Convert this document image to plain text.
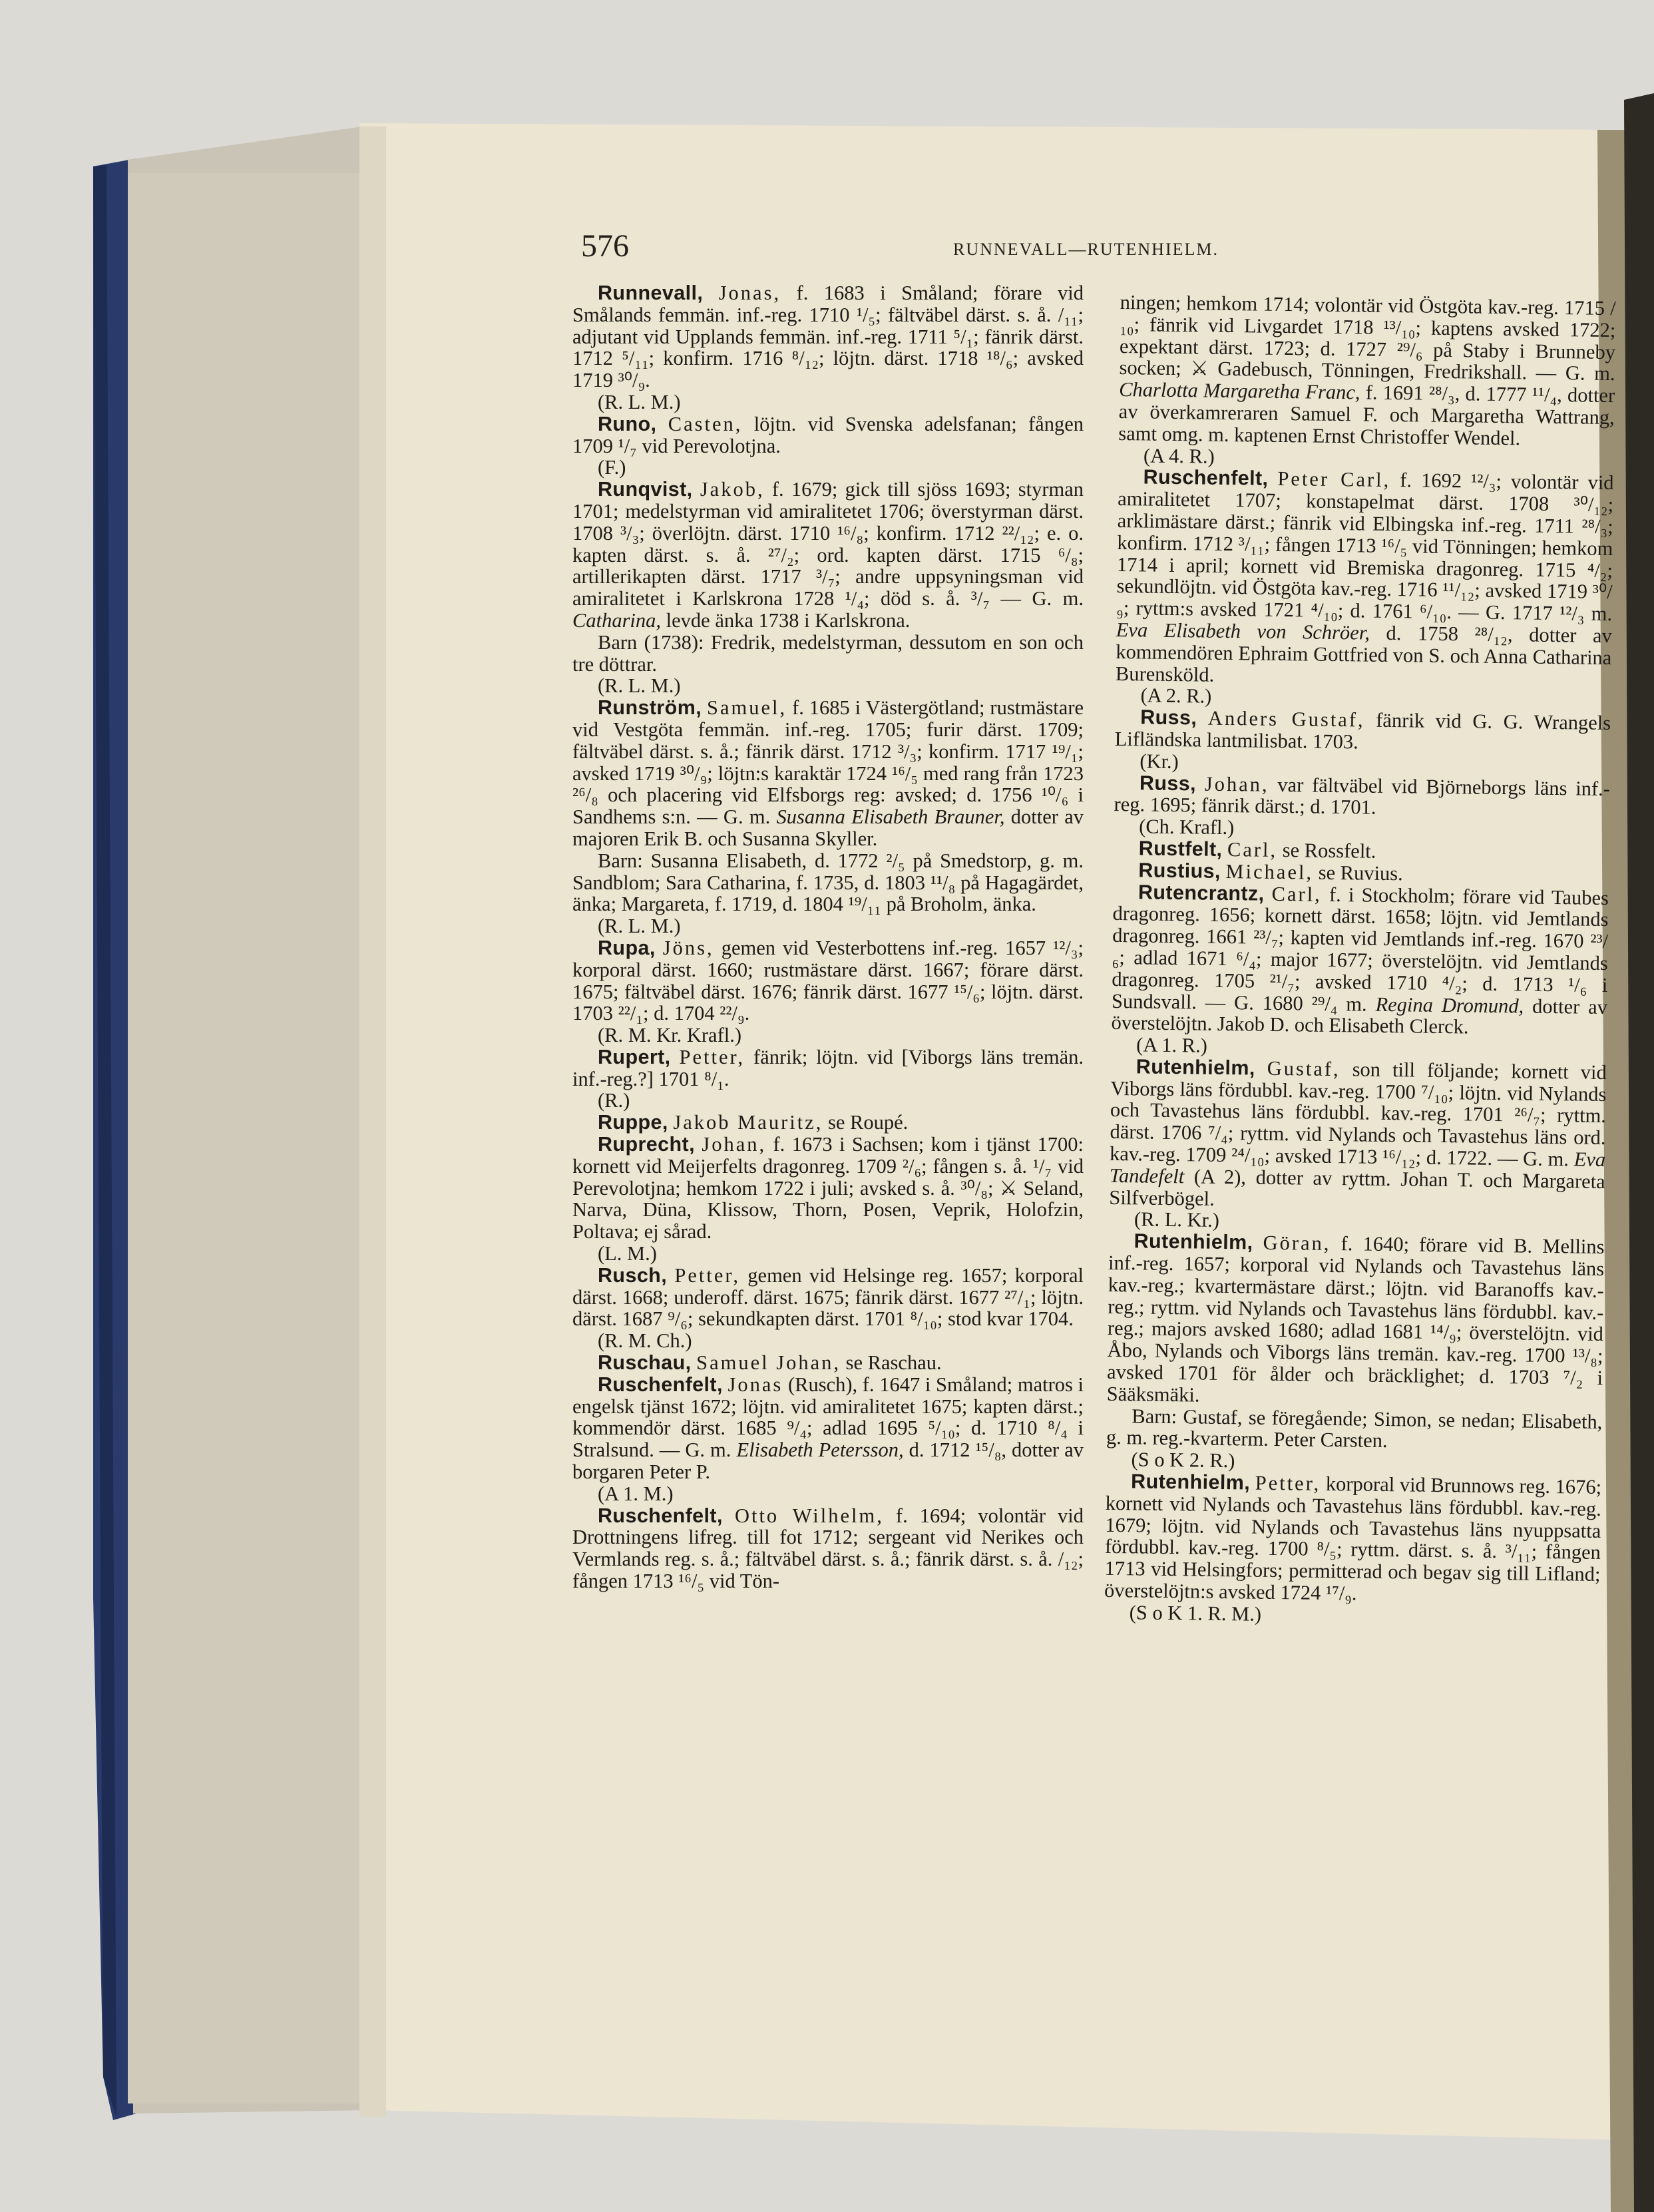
576	RUNNEVALL—RUTENHIELM.

Runnevall, Jonas, f. 1683 i Småland; förare vid Smålands femmän. inf.-reg. 1710 ¹/₅; fältväbel därst. s. å. /₁₁; adjutant vid Upplands femmän. inf.-reg. 1711 ⁵/₁; fänrik därst. 1712 ⁵/₁₁; konfirm. 1716 ⁸/₁₂; löjtn. därst. 1718 ¹⁸/₆; avsked 1719 ³⁰/₉.

(R. L. M.)

Runo, Casten, löjtn. vid Svenska adelsfanan; fången 1709 ¹/₇ vid Perevolotjna.

(F.)

Runqvist, Jakob, f. 1679; gick till sjöss 1693; styrman 1701; medelstyrman vid amiralitetet 1706; överstyrman därst. 1708 ³/₃; överlöjtn. därst. 1710 ¹⁶/₈; konfirm. 1712 ²²/₁₂; e. o. kapten därst. s. å. ²⁷/₂; ord. kapten därst. 1715 ⁶/₈; artillerikapten därst. 1717 ³/₇; andre uppsyningsman vid amiralitetet i Karlskrona 1728 ¹/₄; död s. å. ³/₇ — G. m. Catharina, levde änka 1738 i Karlskrona.

Barn (1738): Fredrik, medelstyrman, dessutom en son och tre döttrar.

(R. L. M.)

Runström, Samuel, f. 1685 i Västergötland; rustmästare vid Vestgöta femmän. inf.-reg. 1705; furir därst. 1709; fältväbel därst. s. å.; fänrik därst. 1712 ³/₃; konfirm. 1717 ¹⁹/₁; avsked 1719 ³⁰/₉; löjtn:s karaktär 1724 ¹⁶/₅ med rang från 1723 ²⁶/₈ och placering vid Elfsborgs reg: avsked; d. 1756 ¹⁰/₆ i Sandhems s:n. — G. m. Susanna Elisabeth Brauner, dotter av majoren Erik B. och Susanna Skyller.

Barn: Susanna Elisabeth, d. 1772 ²/₅ på Smedstorp, g. m. Sandblom; Sara Catharina, f. 1735, d. 1803 ¹¹/₈ på Hagagärdet, änka; Margareta, f. 1719, d. 1804 ¹⁹/₁₁ på Broholm, änka.

(R. L. M.)

Rupa, Jöns, gemen vid Vesterbottens inf.-reg. 1657 ¹²/₃; korporal därst. 1660; rustmästare därst. 1667; förare därst. 1675; fältväbel därst. 1676; fänrik därst. 1677 ¹⁵/₆; löjtn. därst. 1703 ²²/₁; d. 1704 ²²/₉.

(R. M. Kr. Krafl.)

Rupert, Petter, fänrik; löjtn. vid [Viborgs läns tremän. inf.-reg.?] 1701 ⁸/₁.

(R.)

Ruppe, Jakob Mauritz, se Roupé.

Ruprecht, Johan, f. 1673 i Sachsen; kom i tjänst 1700: kornett vid Meijerfelts dragonreg. 1709 ²/₆; fången s. å. ¹/₇ vid Perevolotjna; hemkom 1722 i juli; avsked s. å. ³⁰/₈; ⚔ Seland, Narva, Düna, Klissow, Thorn, Posen, Veprik, Holofzin, Poltava; ej sårad.

(L. M.)

Rusch, Petter, gemen vid Helsinge reg. 1657; korporal därst. 1668; underoff. därst. 1675; fänrik därst. 1677 ²⁷/₁; löjtn. därst. 1687 ⁹/₆; sekundkapten därst. 1701 ⁸/₁₀; stod kvar 1704.

(R. M. Ch.)

Ruschau, Samuel Johan, se Raschau.

Ruschenfelt, Jonas (Rusch), f. 1647 i Småland; matros i engelsk tjänst 1672; löjtn. vid amiralitetet 1675; kapten därst.; kommendör därst. 1685 ⁹/₄; adlad 1695 ⁵/₁₀; d. 1710 ⁸/₄ i Stralsund. — G. m. Elisabeth Petersson, d. 1712 ¹⁵/₈, dotter av borgaren Peter P.

(A 1. M.)

Ruschenfelt, Otto Wilhelm, f. 1694; volontär vid Drottningens lifreg. till fot 1712; sergeant vid Nerikes och Vermlands reg. s. å.; fältväbel därst. s. å.; fänrik därst. s. å. /₁₂; fången 1713 ¹⁶/₅ vid Tön-

ningen; hemkom 1714; volontär vid Östgöta kav.-reg. 1715 /₁₀; fänrik vid Livgardet 1718 ¹³/₁₀; kaptens avsked 1722; expektant därst. 1723; d. 1727 ²⁹/₆ på Staby i Brunneby socken; ⚔ Gadebusch, Tönningen, Fredrikshall. — G. m. Charlotta Margaretha Franc, f. 1691 ²⁸/₃, d. 1777 ¹¹/₄, dotter av överkamreraren Samuel F. och Margaretha Wattrang, samt omg. m. kaptenen Ernst Christoffer Wendel.

(A 4. R.)

Ruschenfelt, Peter Carl, f. 1692 ¹²/₃; volontär vid amiralitetet 1707; konstapelmat därst. 1708 ³⁰/₁₂; arklimästare därst.; fänrik vid Elbingska inf.-reg. 1711 ²⁸/₃; konfirm. 1712 ³/₁₁; fången 1713 ¹⁶/₅ vid Tönningen; hemkom 1714 i april; kornett vid Bremiska dragonreg. 1715 ⁴/₂; sekundlöjtn. vid Östgöta kav.-reg. 1716 ¹¹/₁₂; avsked 1719 ³⁰/₉; ryttm:s avsked 1721 ⁴/₁₀; d. 1761 ⁶/₁₀. — G. 1717 ¹²/₃ m. Eva Elisabeth von Schröer, d. 1758 ²⁸/₁₂, dotter av kommendören Ephraim Gottfried von S. och Anna Catharina Burensköld.

(A 2. R.)

Russ, Anders Gustaf, fänrik vid G. G. Wrangels Lifländska lantmilisbat. 1703.

(Kr.)

Russ, Johan, var fältväbel vid Björneborgs läns inf.-reg. 1695; fänrik därst.; d. 1701.

(Ch. Krafl.)

Rustfelt, Carl, se Rossfelt.

Rustius, Michael, se Ruvius.

Rutencrantz, Carl, f. i Stockholm; förare vid Taubes dragonreg. 1656; kornett därst. 1658; löjtn. vid Jemtlands dragonreg. 1661 ²³/₇; kapten vid Jemtlands inf.-reg. 1670 ²³/₆; adlad 1671 ⁶/₄; major 1677; överstelöjtn. vid Jemtlands dragonreg. 1705 ²¹/₇; avsked 1710 ⁴/₂; d. 1713 ¹/₆ i Sundsvall. — G. 1680 ²⁹/₄ m. Regina Dromund, dotter av överstelöjtn. Jakob D. och Elisabeth Clerck.

(A 1. R.)

Rutenhielm, Gustaf, son till följande; kornett vid Viborgs läns fördubbl. kav.-reg. 1700 ⁷/₁₀; löjtn. vid Nylands och Tavastehus läns fördubbl. kav.-reg. 1701 ²⁶/₇; ryttm. därst. 1706 ⁷/₄; ryttm. vid Nylands och Tavastehus läns ord. kav.-reg. 1709 ²⁴/₁₀; avsked 1713 ¹⁶/₁₂; d. 1722. — G. m. Eva Tandefelt (A 2), dotter av ryttm. Johan T. och Margareta Silfverbögel.

(R. L. Kr.)

Rutenhielm, Göran, f. 1640; förare vid B. Mellins inf.-reg. 1657; korporal vid Nylands och Tavastehus läns kav.-reg.; kvartermästare därst.; löjtn. vid Baranoffs kav.-reg.; ryttm. vid Nylands och Tavastehus läns fördubbl. kav.-reg.; majors avsked 1680; adlad 1681 ¹⁴/₉; överstelöjtn. vid Åbo, Nylands och Viborgs läns tremän. kav.-reg. 1700 ¹³/₈; avsked 1701 för ålder och bräcklighet; d. 1703 ⁷/₂ i Sääksmäki.

Barn: Gustaf, se föregående; Simon, se nedan; Elisabeth, g. m. reg.-kvarterm. Peter Carsten.

(S o K 2. R.)

Rutenhielm, Petter, korporal vid Brunnows reg. 1676; kornett vid Nylands och Tavastehus läns fördubbl. kav.-reg. 1679; löjtn. vid Nylands och Tavastehus läns nyuppsatta fördubbl. kav.-reg. 1700 ⁸/₅; ryttm. därst. s. å. ³/₁₁; fången 1713 vid Helsingfors; permitterad och begav sig till Lifland; överstelöjtn:s avsked 1724 ¹⁷/₉.

(S o K 1. R. M.)
